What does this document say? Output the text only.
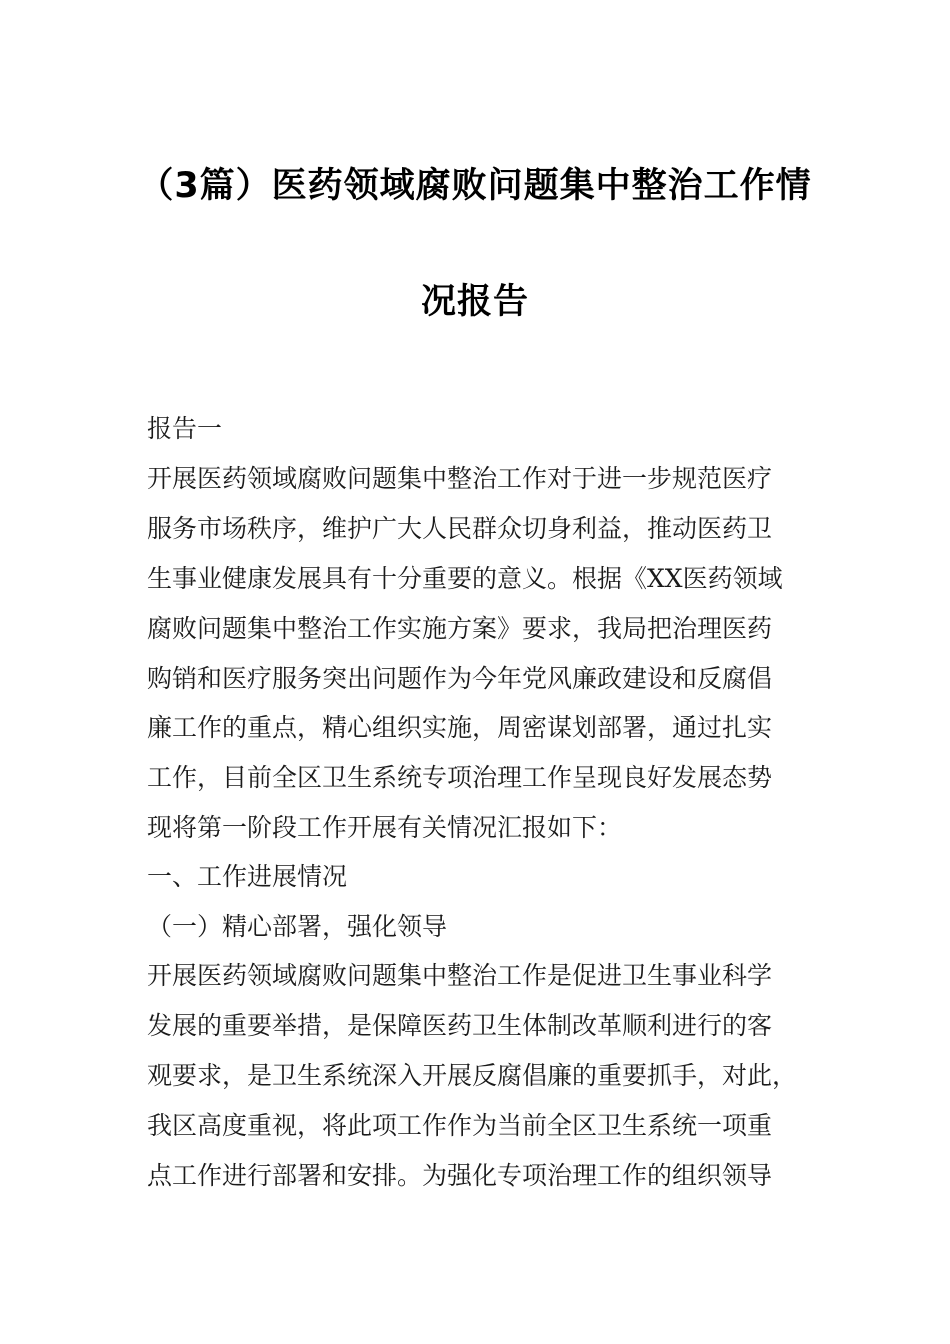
（3篇）医药领域腐败问题集中整治工作情
况报告
报告一
开展医药领域腐败问题集中整治工作对于进一步规范医疗
服务市场秩序，维护广大人民群众切身利益，推动医药卫
生事业健康发展具有十分重要的意义。根据《XX医药领域
腐败问题集中整治工作实施方案》要求，我局把治理医药
购销和医疗服务突出问题作为今年党风廉政建设和反腐倡
廉工作的重点，精心组织实施，周密谋划部署，通过扎实
工作，目前全区卫生系统专项治理工作呈现良好发展态势
现将第一阶段工作开展有关情况汇报如下：
一、工作进展情况
（一）精心部署，强化领导
开展医药领域腐败问题集中整治工作是促进卫生事业科学
发展的重要举措，是保障医药卫生体制改革顺利进行的客
观要求，是卫生系统深入开展反腐倡廉的重要抓手，对此，
我区高度重视，将此项工作作为当前全区卫生系统一项重
点工作进行部署和安排。为强化专项治理工作的组织领导
